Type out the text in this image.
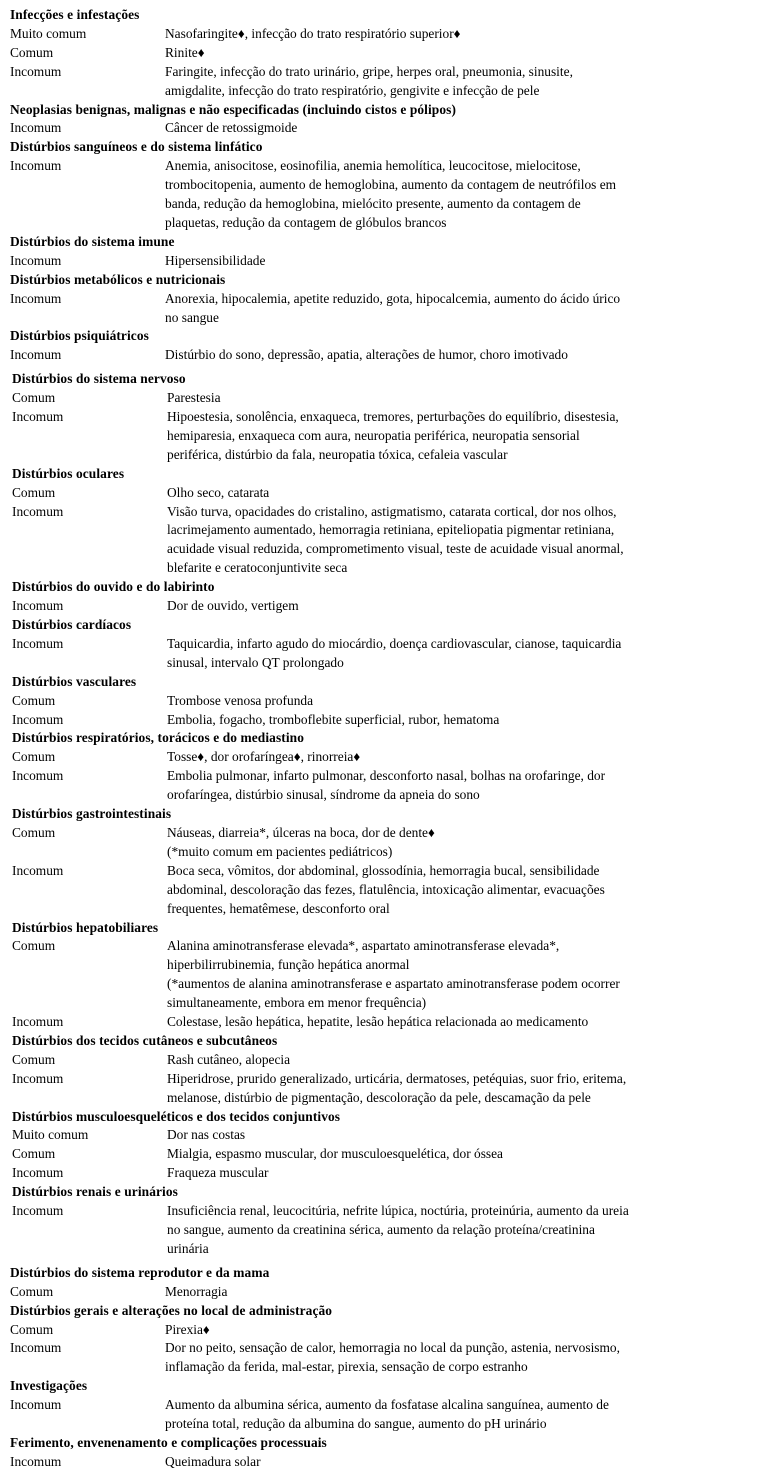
Infecções e infestações
Muito comum	Nasofaringite♦, infecção do trato respiratório superior♦
Comum	Rinite♦
Incomum	Faringite, infecção do trato urinário, gripe, herpes oral, pneumonia, sinusite,
amigdalite, infecção do trato respiratório, gengivite e infecção de pele
Neoplasias benignas, malignas e não especificadas (incluindo cistos e pólipos)
Incomum	Câncer de retossigmoide
Distúrbios sanguíneos e do sistema linfático
Incomum	Anemia, anisocitose, eosinofilia, anemia hemolítica, leucocitose, mielocitose,
trombocitopenia, aumento de hemoglobina, aumento da contagem de neutrófilos em
banda, redução da hemoglobina, mielócito presente, aumento da contagem de
plaquetas, redução da contagem de glóbulos brancos
Distúrbios do sistema imune
Incomum	Hipersensibilidade
Distúrbios metabólicos e nutricionais
Incomum	Anorexia, hipocalemia, apetite reduzido, gota, hipocalcemia, aumento do ácido úrico
no sangue
Distúrbios psiquiátricos
Incomum	Distúrbio do sono, depressão, apatia, alterações de humor, choro imotivado
Distúrbios do sistema nervoso
Comum	Parestesia
Incomum	Hipoestesia, sonolência, enxaqueca, tremores, perturbações do equilíbrio, disestesia,
hemiparesia, enxaqueca com aura, neuropatia periférica, neuropatia sensorial
periférica, distúrbio da fala, neuropatia tóxica, cefaleia vascular
Distúrbios oculares
Comum	Olho seco, catarata
Incomum	Visão turva, opacidades do cristalino, astigmatismo, catarata cortical, dor nos olhos,
lacrimejamento aumentado, hemorragia retiniana, epiteliopatia pigmentar retiniana,
acuidade visual reduzida, comprometimento visual, teste de acuidade visual anormal,
blefarite e ceratoconjuntivite seca
Distúrbios do ouvido e do labirinto
Incomum	Dor de ouvido, vertigem
Distúrbios cardíacos
Incomum	Taquicardia, infarto agudo do miocárdio, doença cardiovascular, cianose, taquicardia
sinusal, intervalo QT prolongado
Distúrbios vasculares
Comum	Trombose venosa profunda
Incomum	Embolia, fogacho, tromboflebite superficial, rubor, hematoma
Distúrbios respiratórios, torácicos e do mediastino
Comum	Tosse♦, dor orofaríngea♦, rinorreia♦
Incomum	Embolia pulmonar, infarto pulmonar, desconforto nasal, bolhas na orofaringe, dor
orofaríngea, distúrbio sinusal, síndrome da apneia do sono
Distúrbios gastrointestinais
Comum	Náuseas, diarreia*, úlceras na boca, dor de dente♦
(*muito comum em pacientes pediátricos)
Incomum	Boca seca, vômitos, dor abdominal, glossodínia, hemorragia bucal, sensibilidade
abdominal, descoloração das fezes, flatulência, intoxicação alimentar, evacuações
frequentes, hematêmese, desconforto oral
Distúrbios hepatobiliares
Comum	Alanina aminotransferase elevada*, aspartato aminotransferase elevada*,
hiperbilirrubinemia, função hepática anormal
(*aumentos de alanina aminotransferase e aspartato aminotransferase podem ocorrer
simultaneamente, embora em menor frequência)
Incomum	Colestase, lesão hepática, hepatite, lesão hepática relacionada ao medicamento
Distúrbios dos tecidos cutâneos e subcutâneos
Comum	Rash cutâneo, alopecia
Incomum	Hiperidrose, prurido generalizado, urticária, dermatoses, petéquias, suor frio, eritema,
melanose, distúrbio de pigmentação, descoloração da pele, descamação da pele
Distúrbios musculoesqueléticos e dos tecidos conjuntivos
Muito comum	Dor nas costas
Comum	Mialgia, espasmo muscular, dor musculoesquelética, dor óssea
Incomum	Fraqueza muscular
Distúrbios renais e urinários
Incomum	Insuficiência renal, leucocitúria, nefrite lúpica, noctúria, proteinúria, aumento da ureia
no sangue, aumento da creatinina sérica, aumento da relação proteína/creatinina
urinária
Distúrbios do sistema reprodutor e da mama
Comum	Menorragia
Distúrbios gerais e alterações no local de administração
Comum	Pirexia♦
Incomum	Dor no peito, sensação de calor, hemorragia no local da punção, astenia, nervosismo,
inflamação da ferida, mal-estar, pirexia, sensação de corpo estranho
Investigações
Incomum	Aumento da albumina sérica, aumento da fosfatase alcalina sanguínea, aumento de
proteína total, redução da albumina do sangue, aumento do pH urinário
Ferimento, envenenamento e complicações processuais
Incomum	Queimadura solar
